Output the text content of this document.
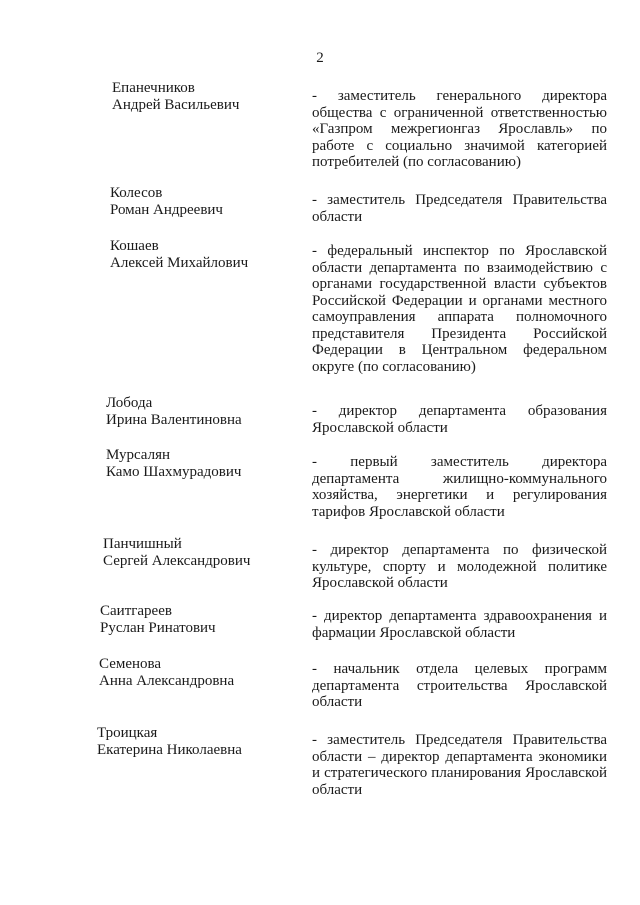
2
Епанечников
Андрей Васильевич
- заместитель генерального директора общества с ограниченной ответственностью «Газпром межрегионгаз Ярославль» по работе с социально значимой категорией потребителей (по согласованию)
Колесов
Роман Андреевич
- заместитель Председателя Правительства области
Кошаев
Алексей Михайлович
- федеральный инспектор по Ярославской области департамента по взаимодействию с органами государственной власти субъектов Российской Федерации и органами местного самоуправления аппарата полномочного представителя Президента Российской Федерации в Центральном федеральном округе (по согласованию)
Лобода
Ирина Валентиновна
- директор департамента образования Ярославской области
Мурсалян
Камо Шахмурадович
- первый заместитель директора департамента жилищно-коммунального хозяйства, энергетики и регулирования тарифов Ярославской области
Панчишный
Сергей Александрович
- директор департамента по физической культуре, спорту и молодежной политике Ярославской области
Саитгареев
Руслан Ринатович
- директор департамента здравоохранения и фармации Ярославской области
Семенова
Анна Александровна
- начальник отдела целевых программ департамента строительства Ярославской области
Троицкая
Екатерина Николаевна
- заместитель Председателя Правительства области – директор департамента экономики и стратегического планирования Ярославской области
